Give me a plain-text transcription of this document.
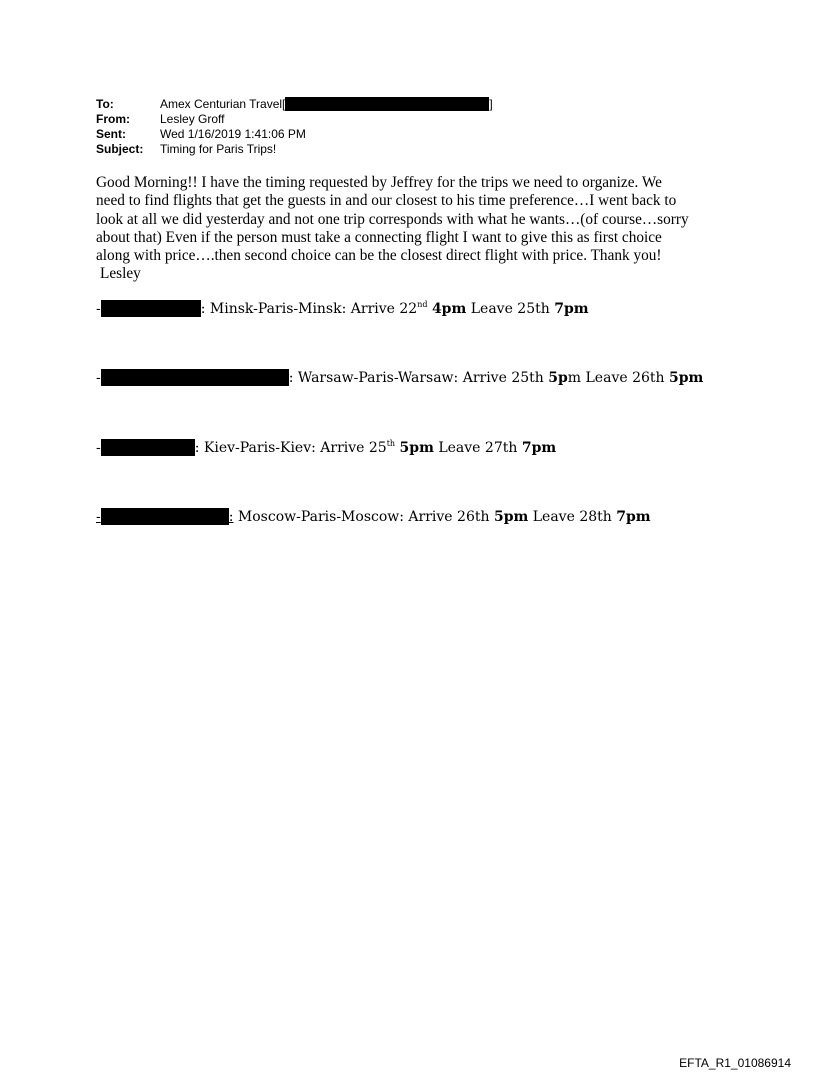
To:	Amex Centurian Travel[	]
From:	Lesley Groff
Sent:	Wed 1/16/2019 1:41:06 PM
Subject:	Timing for Paris Trips!

Good Morning!! I have the timing requested by Jeffrey for the trips we need to organize. We
need to find flights that get the guests in and our closest to his time preference…I went back to
look at all we did yesterday and not one trip corresponds with what he wants…(of course…sorry
about that) Even if the person must take a connecting flight I want to give this as first choice
along with price….then second choice can be the closest direct flight with price. Thank you!

Lesley

-	: Minsk-Paris-Minsk: Arrive 22nd 4pm Leave 25th 7pm
-	: Warsaw-Paris-Warsaw: Arrive 25th 5pm Leave 26th 5pm
-	: Kiev-Paris-Kiev: Arrive 25th 5pm Leave 27th 7pm
-	: Moscow-Paris-Moscow: Arrive 26th 5pm Leave 28th 7pm
EFTA_R1_01086914
